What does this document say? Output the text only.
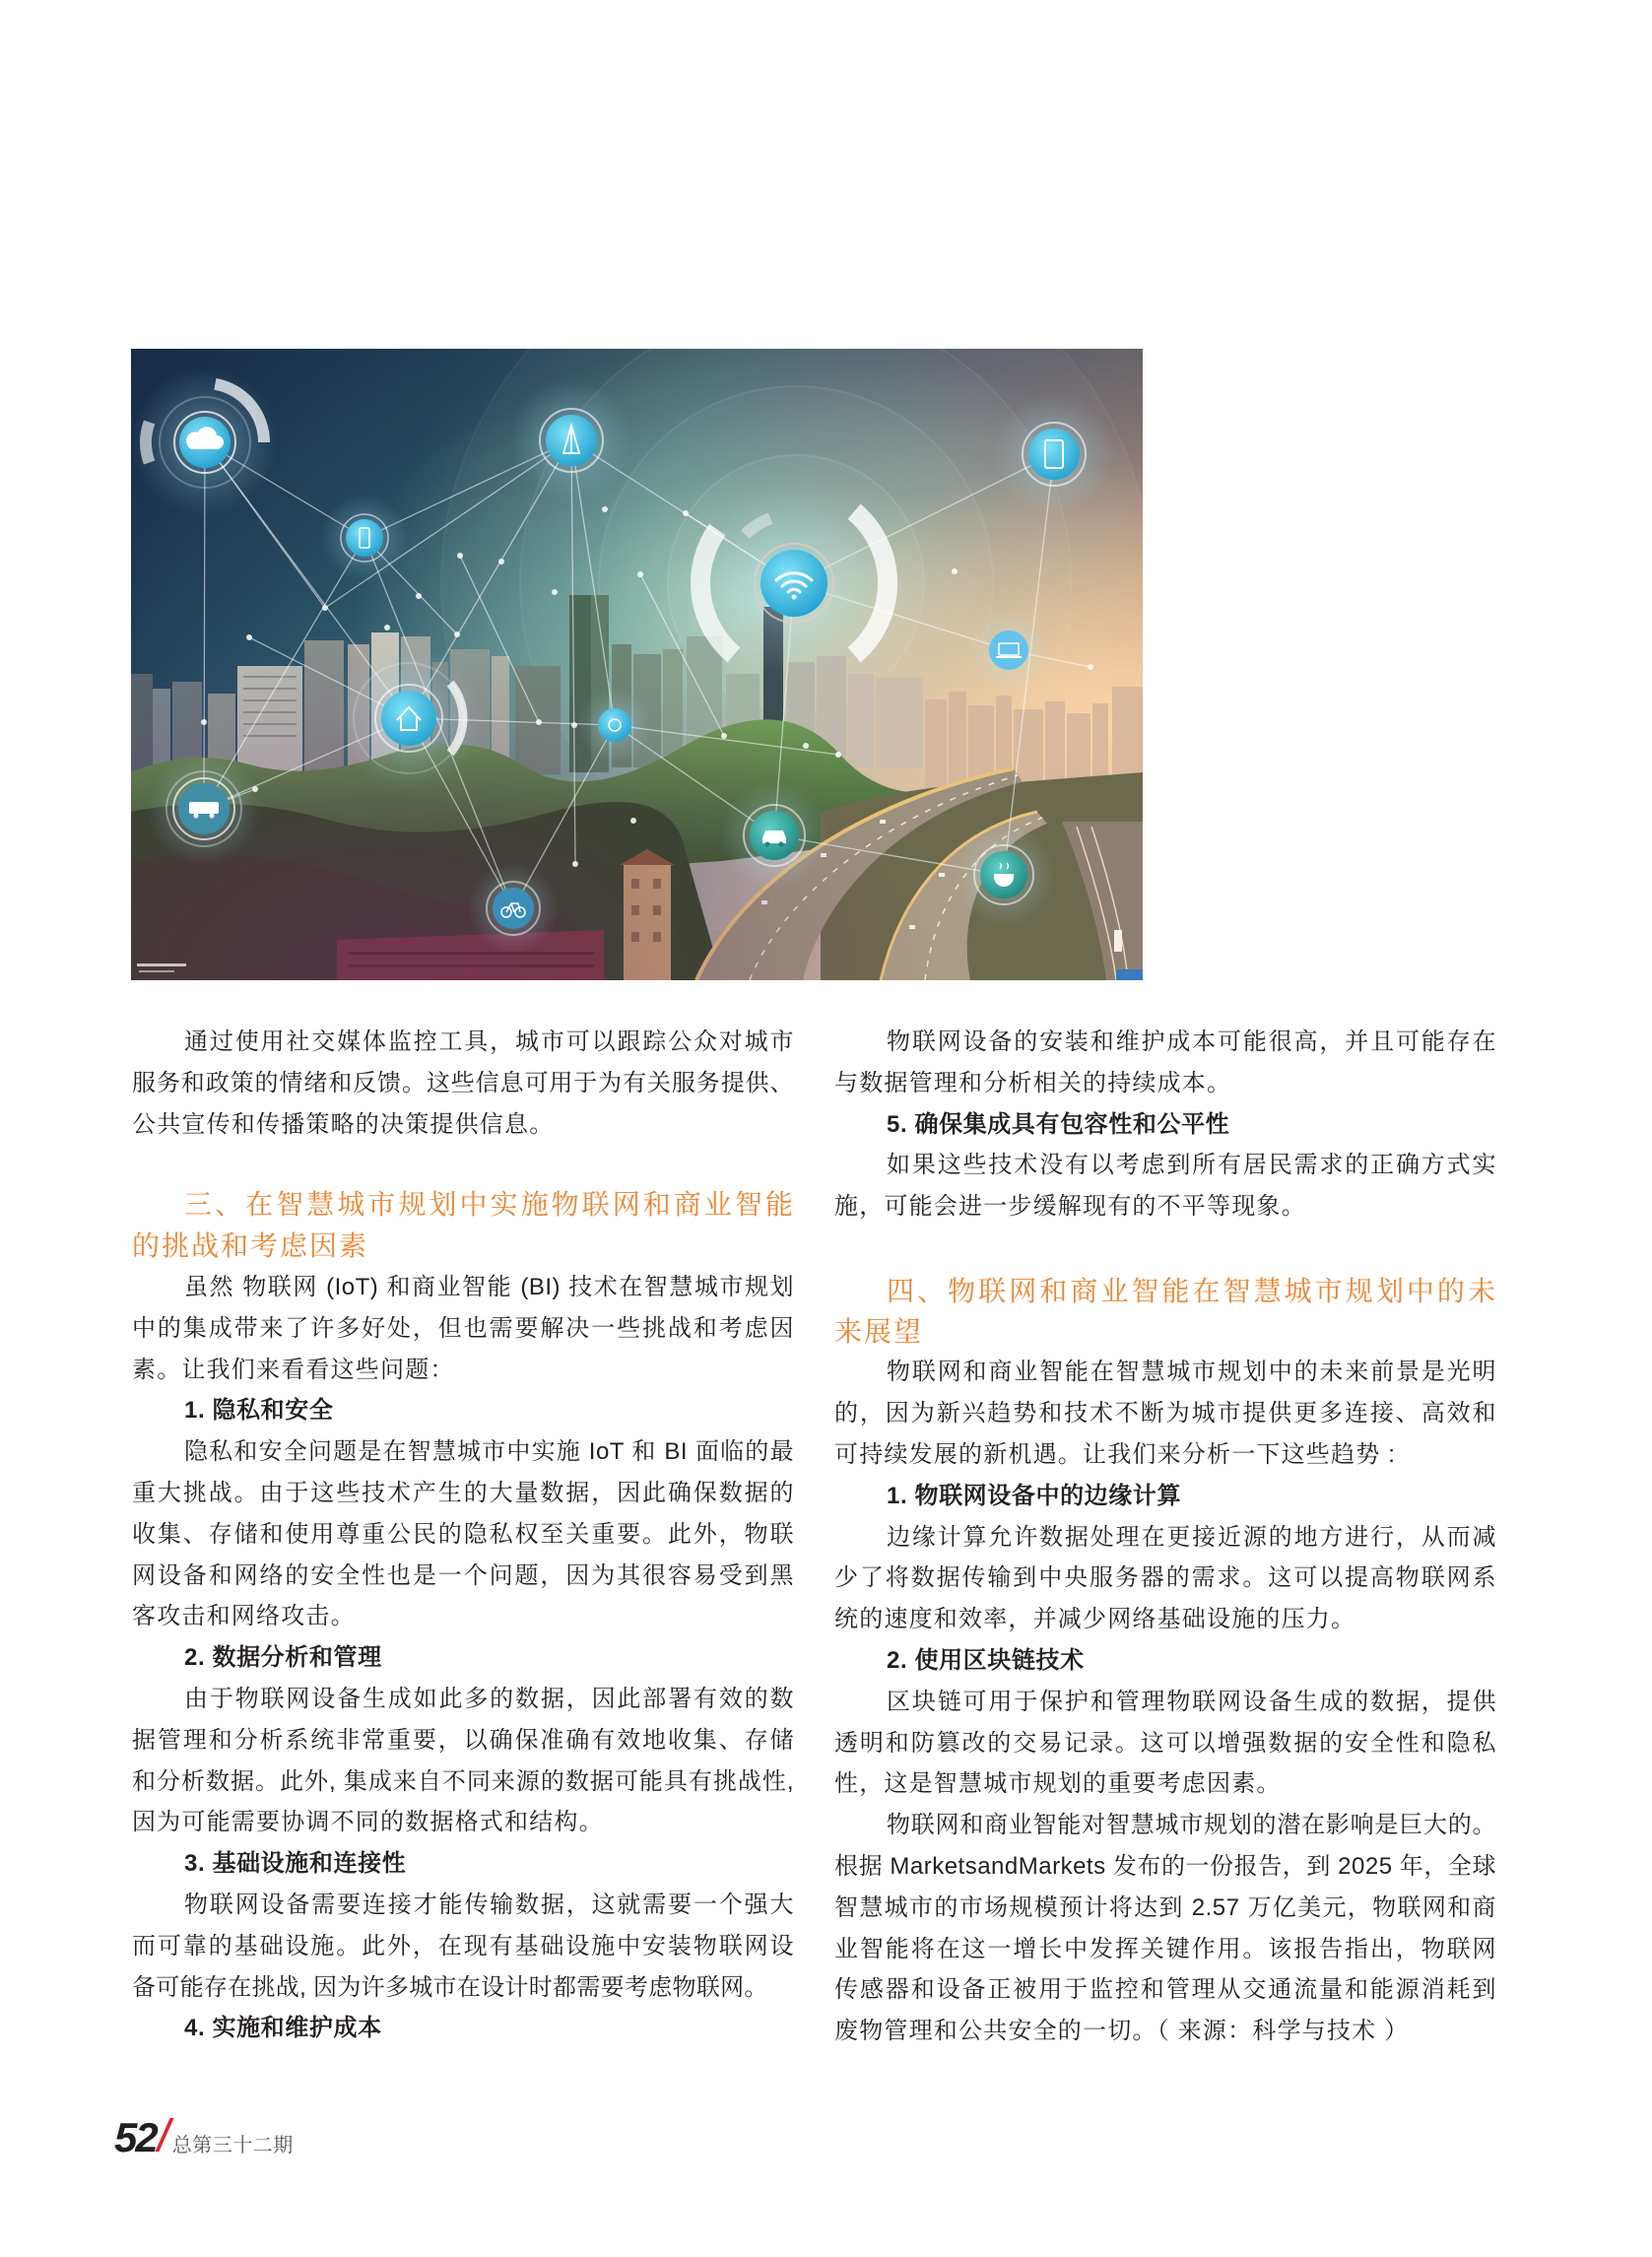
通过使用社交媒体监控工具，城市可以跟踪公众对城市
服务和政策的情绪和反馈。这些信息可用于为有关服务提供、
公共宣传和传播策略的决策提供信息。
三、在智慧城市规划中实施物联网和商业智能
的挑战和考虑因素
虽然 物联网 (IoT) 和商业智能 (BI) 技术在智慧城市规划
中的集成带来了许多好处，但也需要解决一些挑战和考虑因
素。让我们来看看这些问题：
1. 隐私和安全
隐私和安全问题是在智慧城市中实施 IoT 和 BI 面临的最
重大挑战。由于这些技术产生的大量数据，因此确保数据的
收集、存储和使用尊重公民的隐私权至关重要。此外，物联
网设备和网络的安全性也是一个问题，因为其很容易受到黑
客攻击和网络攻击。
2. 数据分析和管理
由于物联网设备生成如此多的数据，因此部署有效的数
据管理和分析系统非常重要，以确保准确有效地收集、存储
和分析数据。此外, 集成来自不同来源的数据可能具有挑战性,
因为可能需要协调不同的数据格式和结构。
3. 基础设施和连接性
物联网设备需要连接才能传输数据，这就需要一个强大
而可靠的基础设施。此外，在现有基础设施中安装物联网设
备可能存在挑战, 因为许多城市在设计时都需要考虑物联网。
4. 实施和维护成本
物联网设备的安装和维护成本可能很高，并且可能存在
与数据管理和分析相关的持续成本。
5. 确保集成具有包容性和公平性
如果这些技术没有以考虑到所有居民需求的正确方式实
施，可能会进一步缓解现有的不平等现象。
四、物联网和商业智能在智慧城市规划中的未
来展望
物联网和商业智能在智慧城市规划中的未来前景是光明
的，因为新兴趋势和技术不断为城市提供更多连接、高效和
可持续发展的新机遇。让我们来分析一下这些趋势 :
1. 物联网设备中的边缘计算
边缘计算允许数据处理在更接近源的地方进行，从而减
少了将数据传输到中央服务器的需求。这可以提高物联网系
统的速度和效率，并减少网络基础设施的压力。
2. 使用区块链技术
区块链可用于保护和管理物联网设备生成的数据，提供
透明和防篡改的交易记录。这可以增强数据的安全性和隐私
性，这是智慧城市规划的重要考虑因素。
物联网和商业智能对智慧城市规划的潜在影响是巨大的。
根据 MarketsandMarkets 发布的一份报告，到 2025 年，全球
智慧城市的市场规模预计将达到 2.57 万亿美元，物联网和商
业智能将在这一增长中发挥关键作用。该报告指出，物联网
传感器和设备正被用于监控和管理从交通流量和能源消耗到
废物管理和公共安全的一切。（ 来源：科学与技术 ）
52 总第三十二期
